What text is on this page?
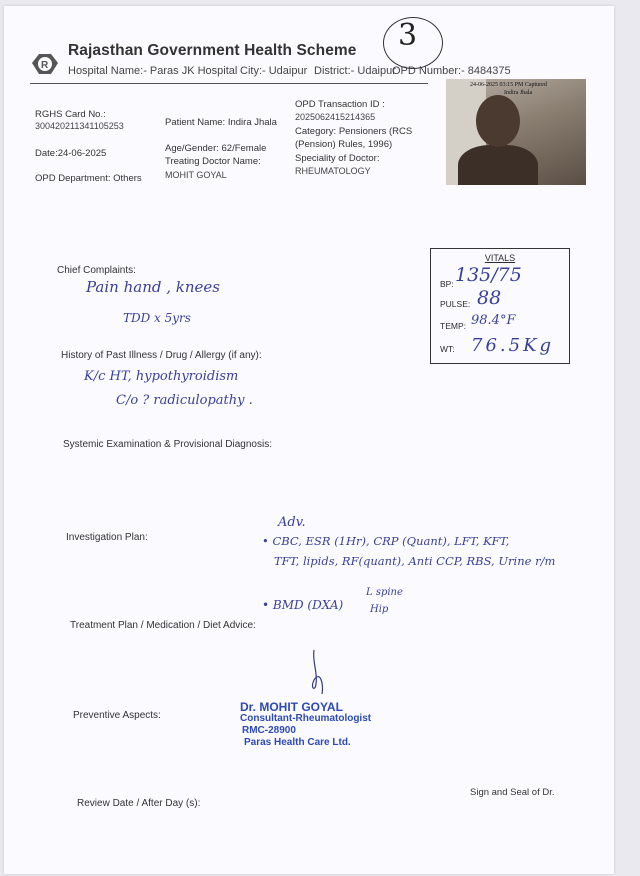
R
Rajasthan Government Health Scheme
Hospital Name:- Paras JK Hospital City:- Udaipur District:- Udaipur
OPD Number:- 8484375
3
RGHS Card No.:
300420211341105253
Date:24-06-2025
OPD Department: Others
Patient Name: Indira Jhala
Age/Gender: 62/Female
Treating Doctor Name:
MOHIT GOYAL
OPD Transaction ID :
2025062415214365
Category: Pensioners (RCS
(Pension) Rules, 1996)
Speciality of Doctor:
RHEUMATOLOGY
24-06-2025 03:15 PM Captured
Indira Jhala
VITALS
BP: 135/75
PULSE: 88
TEMP: 98.4°F
WT: 76.5Kg
Chief Complaints:
Pain hand , knees
TDD x 5yrs
History of Past Illness / Drug / Allergy (if any):
K/c HT, hypothyroidism
C/o ? radiculopathy .
Systemic Examination & Provisional Diagnosis:
Investigation Plan:
Adv.
• CBC, ESR (1Hr), CRP (Quant), LFT, KFT,
TFT, lipids, RF(quant), Anti CCP, RBS, Urine r/m
Treatment Plan / Medication / Diet Advice:
• BMD (DXA)
L spine
Hip
Preventive Aspects:
Dr. MOHIT GOYAL
Consultant-Rheumatologist
RMC-28900
Paras Health Care Ltd.
Review Date / After Day (s):
Sign and Seal of Dr.
